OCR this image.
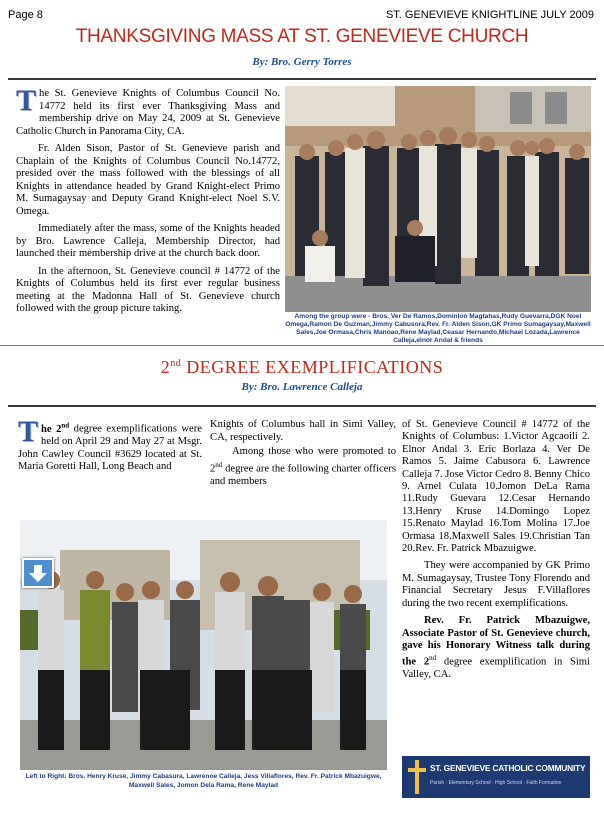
Page 8	ST. GENEVIEVE KNIGHTLINE JULY 2009
THANKSGIVING MASS AT ST. GENEVIEVE CHURCH
By: Bro. Gerry Torres

The St. Genevieve Knights of Columbus Council No. 14772 held its first ever Thanksgiving Mass and membership drive on May 24, 2009 at St. Genevieve Catholic Church in Panorama City, CA.

Fr. Alden Sison, Pastor of St. Genevieve parish and Chaplain of the Knights of Columbus Council No.14772, presided over the mass followed with the blessings of all Knights in attendance headed by Grand Knight-elect Primo M. Sumagaysay and Deputy Grand Knight-elect Noel S.V. Omega.

Immediately after the mass, some of the Knights headed by Bro. Lawrence Calleja, Membership Director, had launched their membership drive at the church back door.

In the afternoon, St. Genevieve council # 14772 of the Knights of Columbus held its first ever regular business meeting at the Madonna Hall of St. Genevieve church followed with the group picture taking.

Among the group were - Bros. Ver De Ramos,Dominloo Magtahas,Rudy Guevarra,DGK Noel Omega,Ramon De Guzman,Jimmy Cabusora,Rev. Fr. Alden Sison,GK Primo Sumagaysay,Maxwell Sales,Joe Ormasa,Chris Manoao,Rene Maylad,Ceasar Hernando,Michael Lozada,Lawrence Calleja,elnor Andal & friends
2nd DEGREE EXEMPLIFICATIONS
By: Bro. Lawrence Calleja

The 2nd degree exemplifications were held on April 29 and May 27 at Msgr. John Cawley Council #3629 located at St. Maria Goretti Hall, Long Beach and

Knights of Columbus hall in Simi Valley, CA, respectively.

Among those who were promoted to 2nd degree are the following charter officers and members

of St. Genevieve Council # 14772 of the Knights of Columbus: 1.Victor Agcaoili 2. Elnor Andal 3. Eric Borlaza 4. Ver De Ramos 5. Jaime Cabusora 6. Lawrence Calleja 7. Jose Victor Cedro 8. Benny Chico 9. Arnel Culata 10.Jomon DeLa Rama 11.Rudy Guevara 12.Cesar Hernando 13.Henry Kruse 14.Domingo Lopez 15.Renato Maylad 16.Tom Molina 17.Joe Ormasa 18.Maxwell Sales 19.Christian Tan 20.Rev. Fr. Patrick Mbazuigwe.

They were accompanied by GK Primo M. Sumagaysay, Trustee Tony Florendo and Financial Secretary Jesus F.Villaflores during the two recent exemplifications.

Rev. Fr. Patrick Mbazuigwe, Associate Pastor of St. Genevieve church, gave his Honorary Witness talk during the 2nd degree exemplification in Simi Valley, CA.

Left to Right: Bros. Henry Kruse, Jimmy Cabasura, Lawrenoe Calleja, Jess Villaflores, Rev. Fr. Patrick Mbazuigwe, Maxwell Sales, Jomon Dela Rama, Rene Maylad
ST. GENEVIEVE CATHOLIC COMMUNITY
Parish · Elementary School · High School · Faith Formation
